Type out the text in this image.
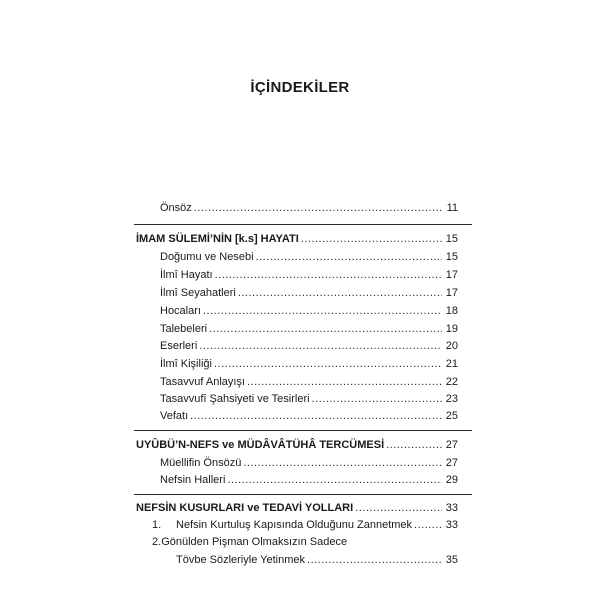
İÇİNDEKİLER
Önsöz .....	11
İMAM SÜLEMİ’NİN [k.s] HAYATI .....	15
Doğumu ve Nesebi .....	15
İlmî Hayatı .....	17
İlmî Seyahatleri .....	17
Hocaları .....	18
Talebeleri .....	19
Eserleri .....	20
İlmî Kişiliği .....	21
Tasavvuf Anlayışı .....	22
Tasavvufî Şahsiyeti ve Tesirleri .....	23
Vefatı .....	25
UYÛBÜ’N-NEFS ve MÜDÂVÂTÜHÂ TERCÜMESİ .....	27
Müellifin Önsözü .....	27
Nefsin Halleri .....	29
NEFSİN KUSURLARI ve TEDAVİ YOLLARI .....	33
1. Nefsin Kurtuluş Kapısında Olduğunu Zannetmek .....	33
2.Gönülden Pişman Olmaksızın Sadece
Tövbe Sözleriyle Yetinmek .....	35
